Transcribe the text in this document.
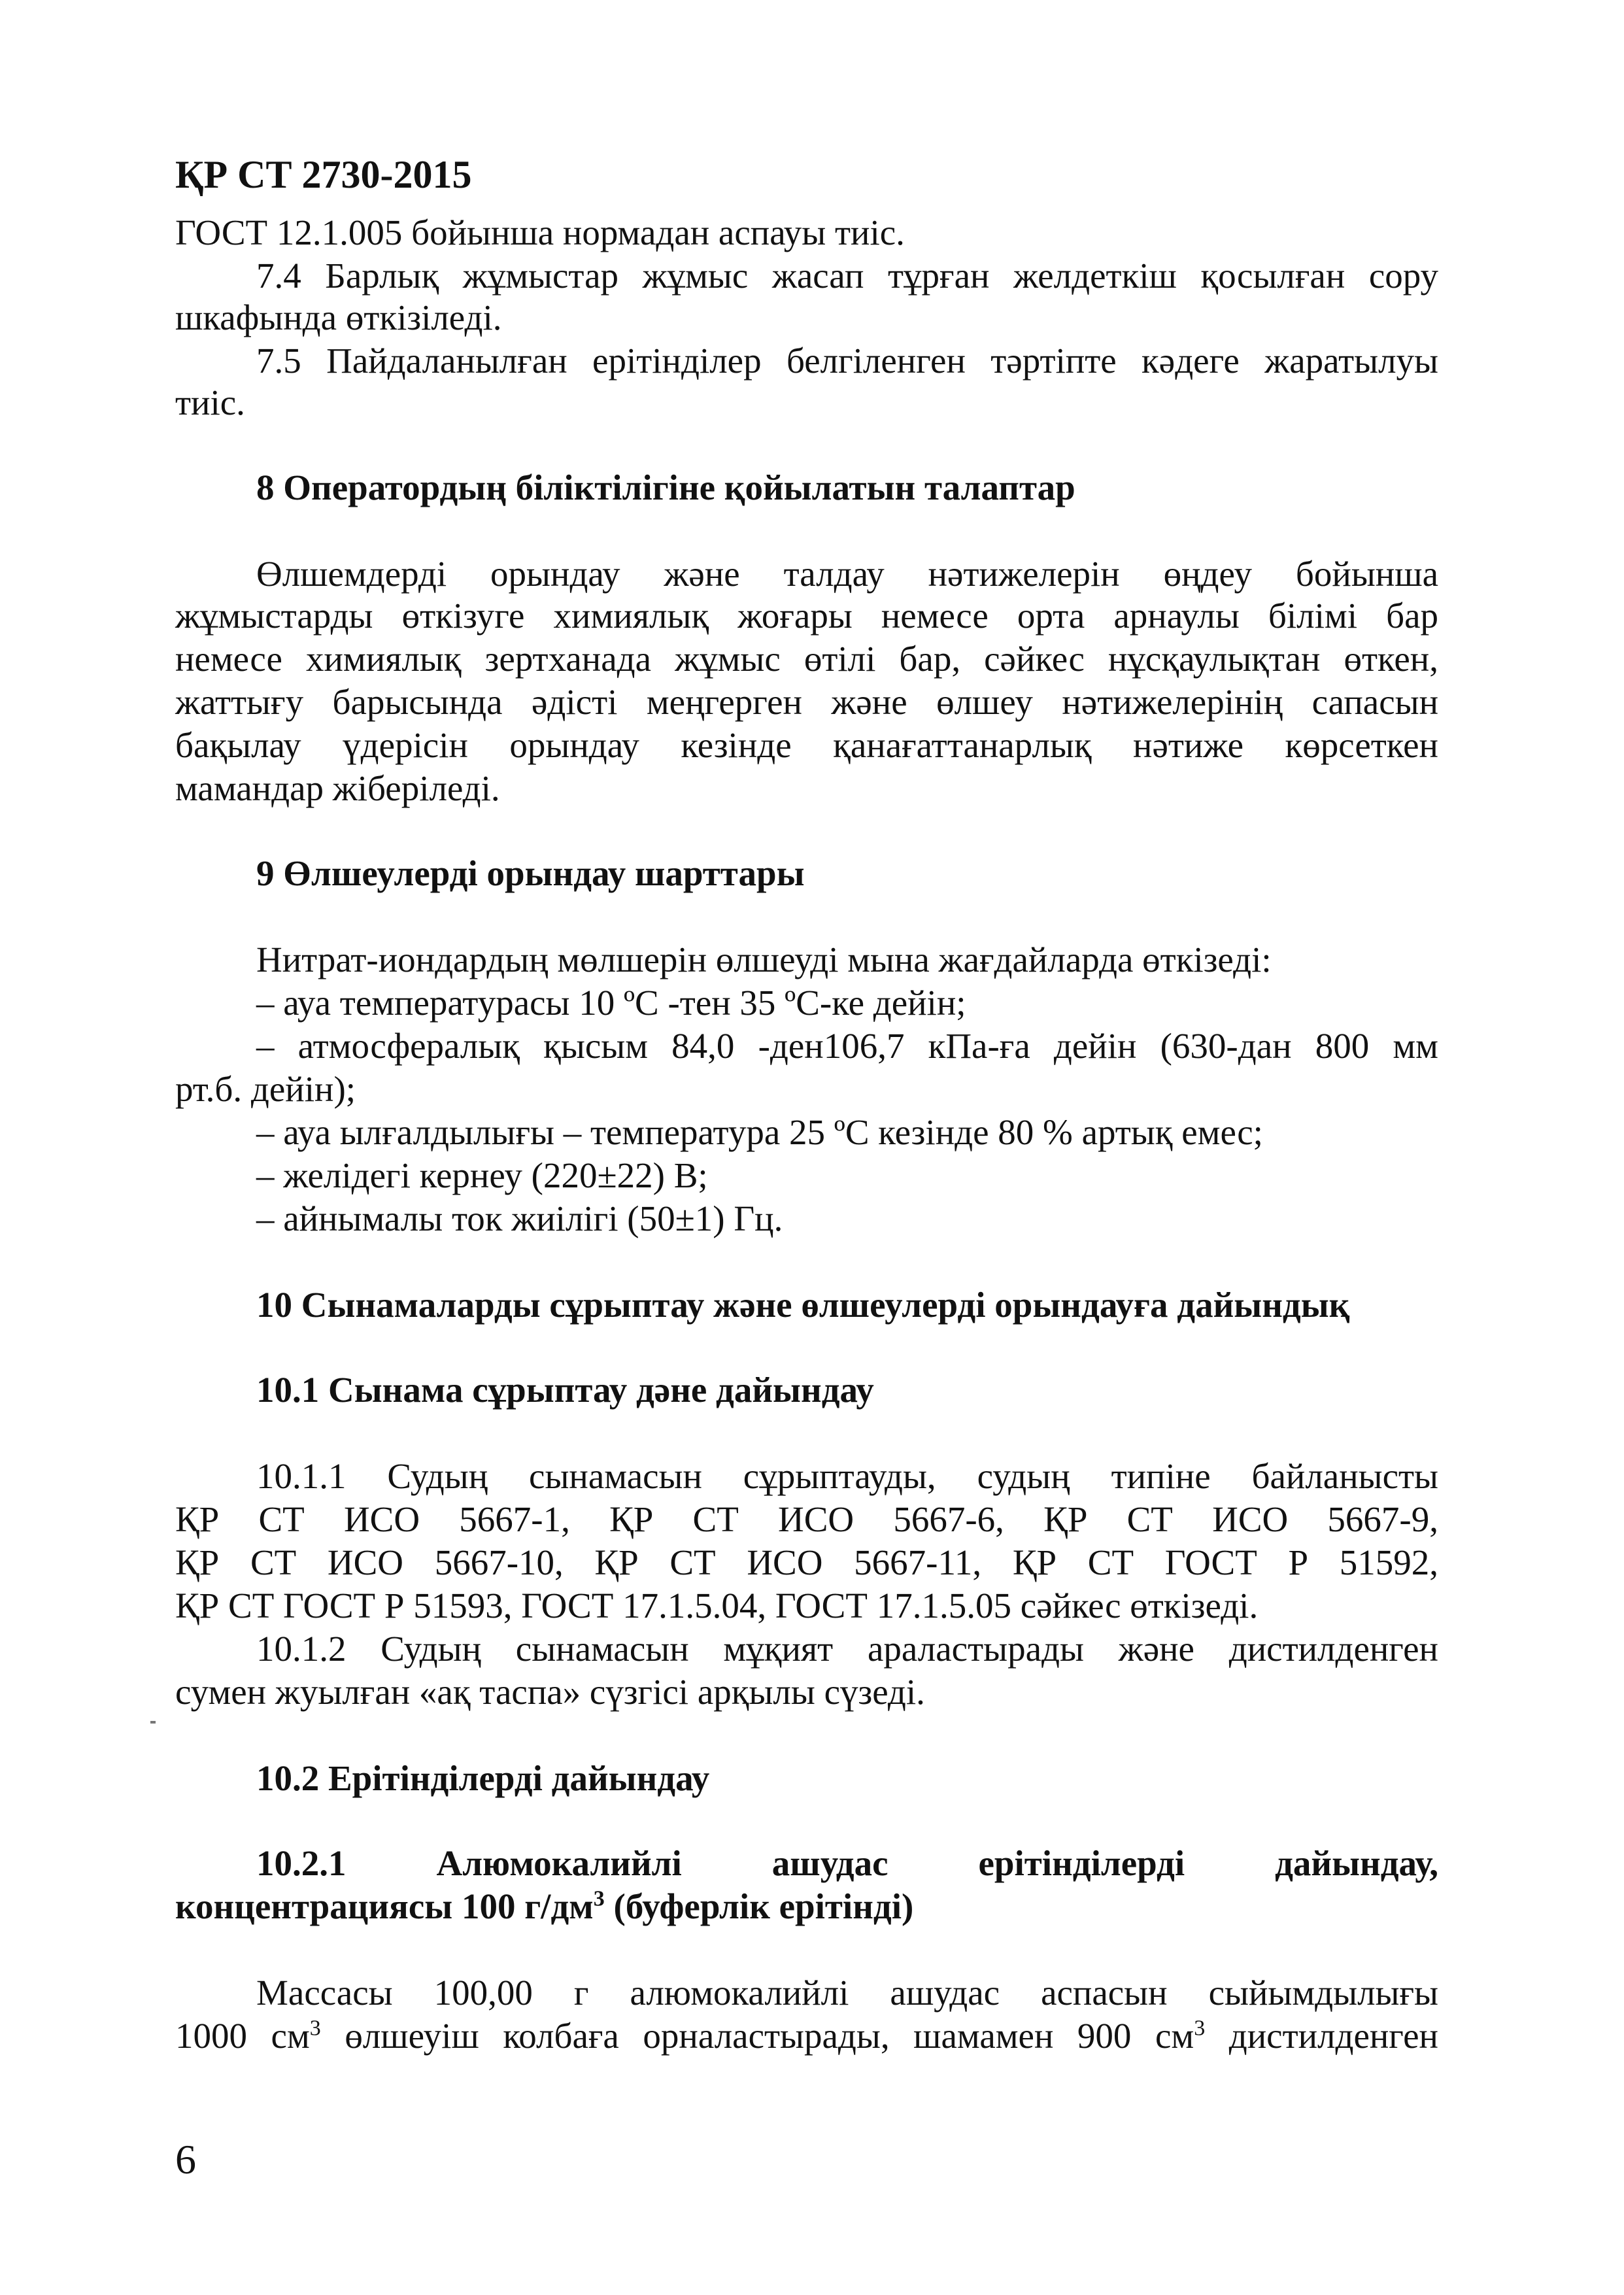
ҚР СТ 2730-2015
ГОСТ 12.1.005 бойынша нормадан аспауы тиіс.
7.4 Барлық жұмыстар жұмыс жасап тұрған желдеткіш қосылған сору
шкафында өткізіледі.
7.5 Пайдаланылған ерітінділер белгіленген тәртіпте кәдеге жаратылуы
тиіс.
8 Оператордың біліктілігіне қойылатын талаптар
Өлшемдерді орындау және талдау нәтижелерін өңдеу бойынша
жұмыстарды өткізуге химиялық жоғары немесе орта арнаулы білімі бар
немесе химиялық зертханада жұмыс өтілі бар, сәйкес нұсқаулықтан өткен,
жаттығу барысында әдісті меңгерген және өлшеу нәтижелерінің сапасын
бақылау үдерісін орындау кезінде қанағаттанарлық нәтиже көрсеткен
мамандар жіберіледі.
9 Өлшеулерді орындау шарттары
Нитрат-иондардың мөлшерін өлшеуді мына жағдайларда өткізеді:
– ауа температурасы 10 ºС -тен 35 ºС-ке дейін;
– атмосфералық қысым 84,0 -ден106,7 кПа-ға дейін (630-дан 800 мм
рт.б. дейін);
– ауа ылғалдылығы – температура 25 ºС кезінде 80 % артық емес;
– желідегі кернеу (220±22) В;
– айнымалы ток жиілігі (50±1) Гц.
10 Сынамаларды сұрыптау және өлшеулерді орындауға дайындық
10.1 Сынама сұрыптау дәне дайындау
10.1.1 Судың сынамасын сұрыптауды, судың типіне байланысты
ҚР СТ ИСО 5667-1, ҚР СТ ИСО 5667-6, ҚР СТ ИСО 5667-9,
ҚР СТ ИСО 5667-10, ҚР СТ ИСО 5667-11, ҚР СТ ГОСТ Р 51592,
ҚР СТ ГОСТ Р 51593, ГОСТ 17.1.5.04, ГОСТ 17.1.5.05 сәйкес өткізеді.
10.1.2 Судың сынамасын мұқият араластырады және дистилденген
сумен жуылған «ақ таспа» сүзгісі арқылы сүзеді.
10.2 Ерітінділерді дайындау
10.2.1 Алюмокалийлі ашудас ерітінділерді дайындау,
концентрациясы 100 $г/дм^3$ (буферлік ерітінді)
Массасы 100,00 г алюмокалийлі ашудас аспасын сыйымдылығы
1000 $см^3$ өлшеуіш колбаға орналастырады, шамамен 900 $см^3$ дистилденген
6
